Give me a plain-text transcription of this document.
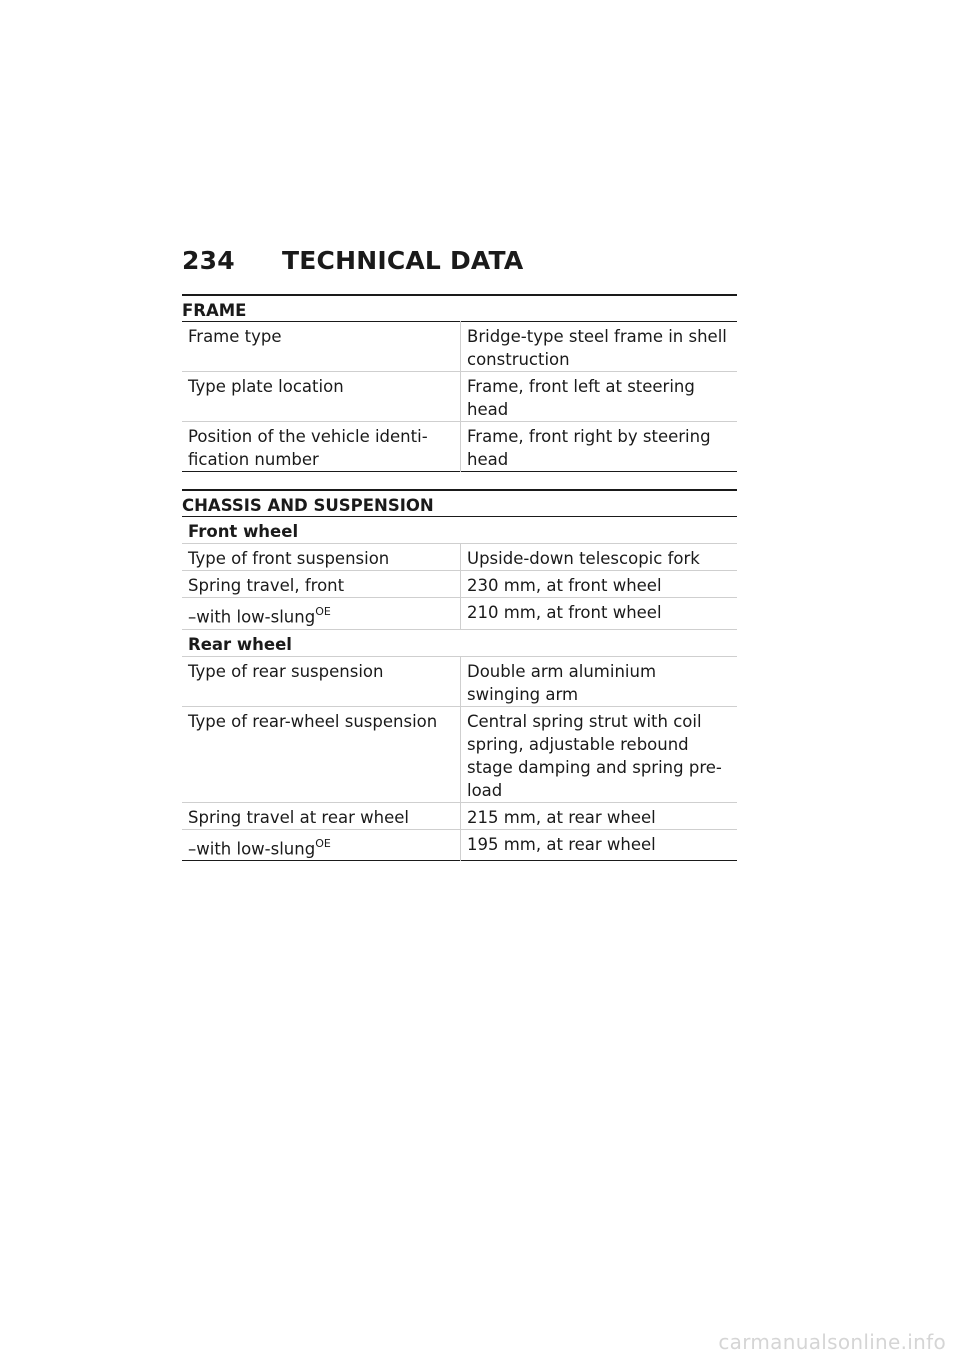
234	TECHNICAL DATA
FRAME
Frame type	Bridge-type steel frame in shell construction
Type plate location	Frame, front left at steering head
Position of the vehicle identi-fication number	Frame, front right by steering head
CHASSIS AND SUSPENSION
Front wheel	
Type of front suspension	Upside-down telescopic fork
Spring travel, front	230 mm, at front wheel
–with low-slung$^{OE}$	210 mm, at front wheel
Rear wheel	
Type of rear suspension	Double arm aluminium swinging arm
Type of rear-wheel suspension	Central spring strut with coil spring, adjustable rebound stage damping and spring pre-load
Spring travel at rear wheel	215 mm, at rear wheel
–with low-slung$^{OE}$	195 mm, at rear wheel
carmanualsonline.info
